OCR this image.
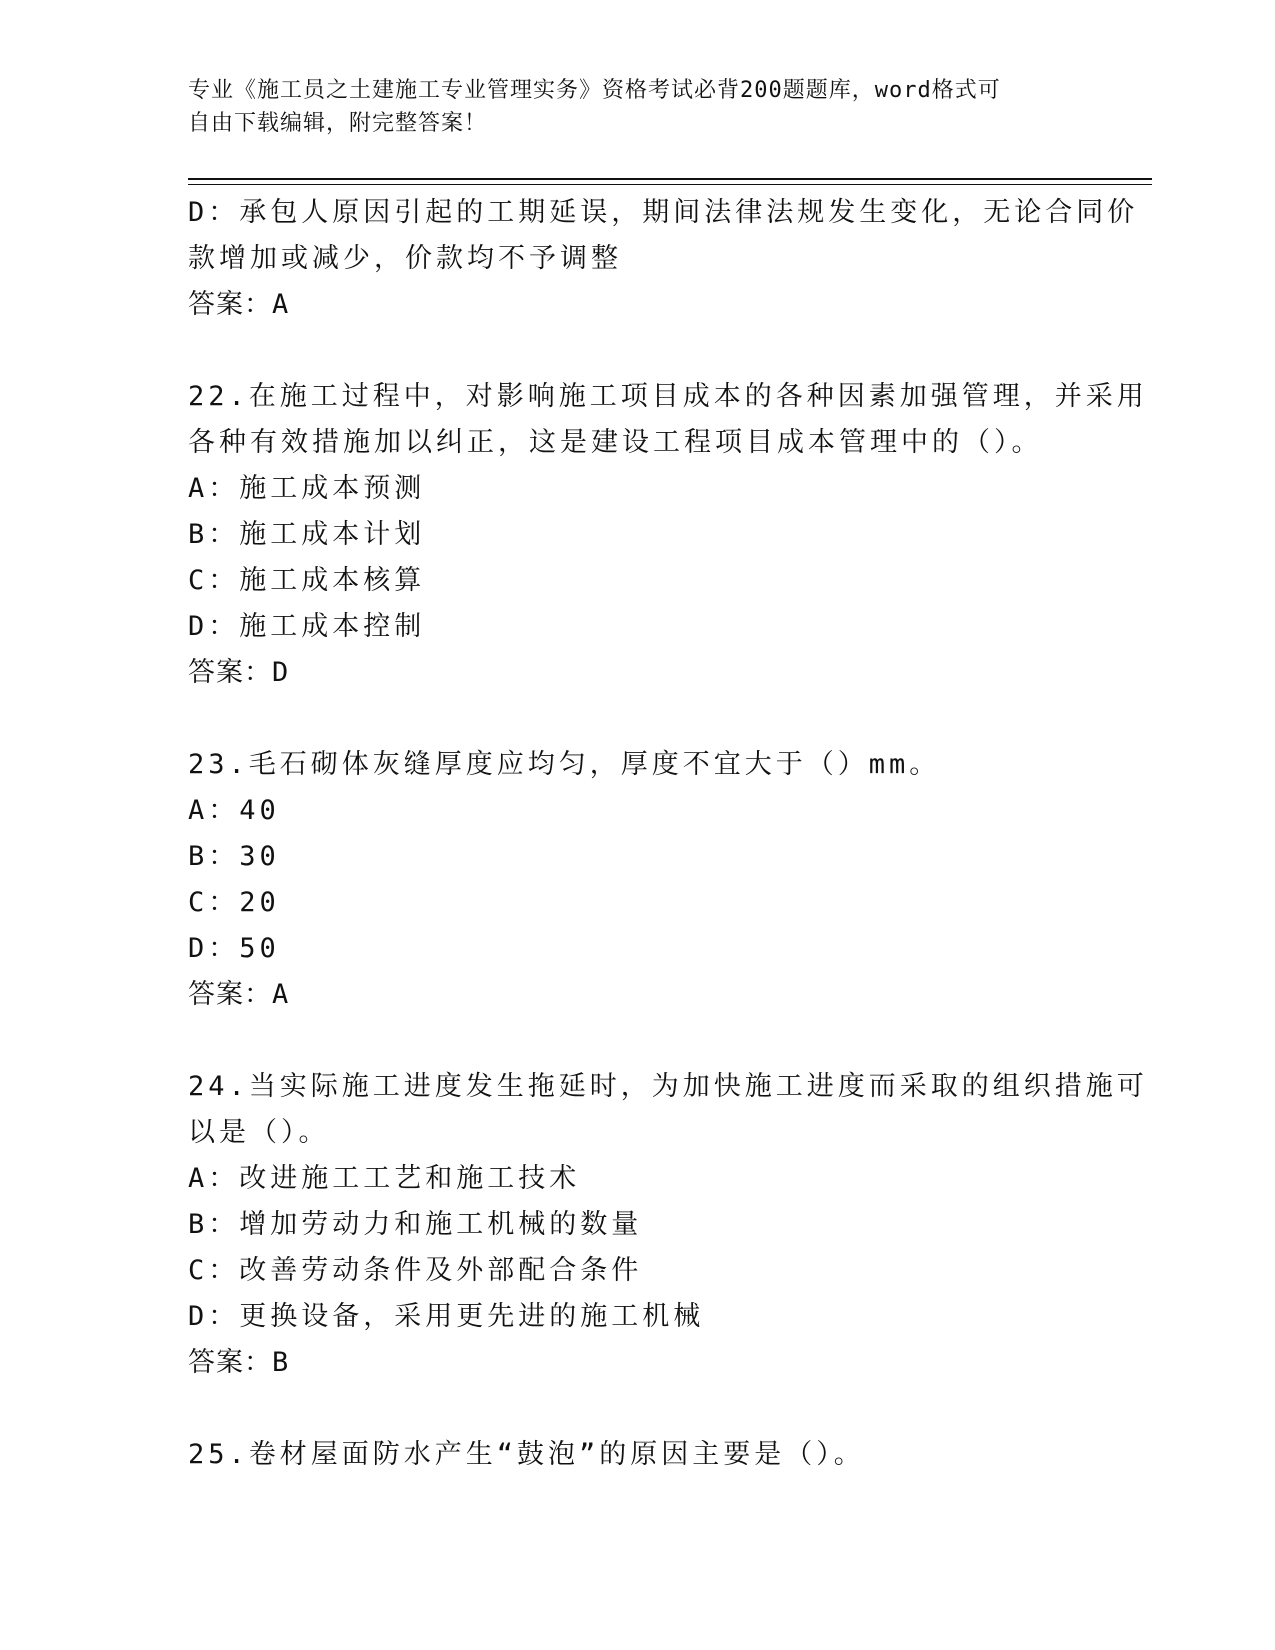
专业《施工员之土建施工专业管理实务》资格考试必背200题题库，word格式可
自由下载编辑，附完整答案！
D：承包人原因引起的工期延误，期间法律法规发生变化，无论合同价
款增加或减少，价款均不予调整
答案：A
22.在施工过程中，对影响施工项目成本的各种因素加强管理，并采用
各种有效措施加以纠正，这是建设工程项目成本管理中的（）。
A：施工成本预测
B：施工成本计划
C：施工成本核算
D：施工成本控制
答案：D
23.毛石砌体灰缝厚度应均匀，厚度不宜大于（）mm。
A：40
B：30
C：20
D：50
答案：A
24.当实际施工进度发生拖延时，为加快施工进度而采取的组织措施可
以是（）。
A：改进施工工艺和施工技术
B：增加劳动力和施工机械的数量
C：改善劳动条件及外部配合条件
D：更换设备，采用更先进的施工机械
答案：B
25.卷材屋面防水产生“鼓泡”的原因主要是（）。
